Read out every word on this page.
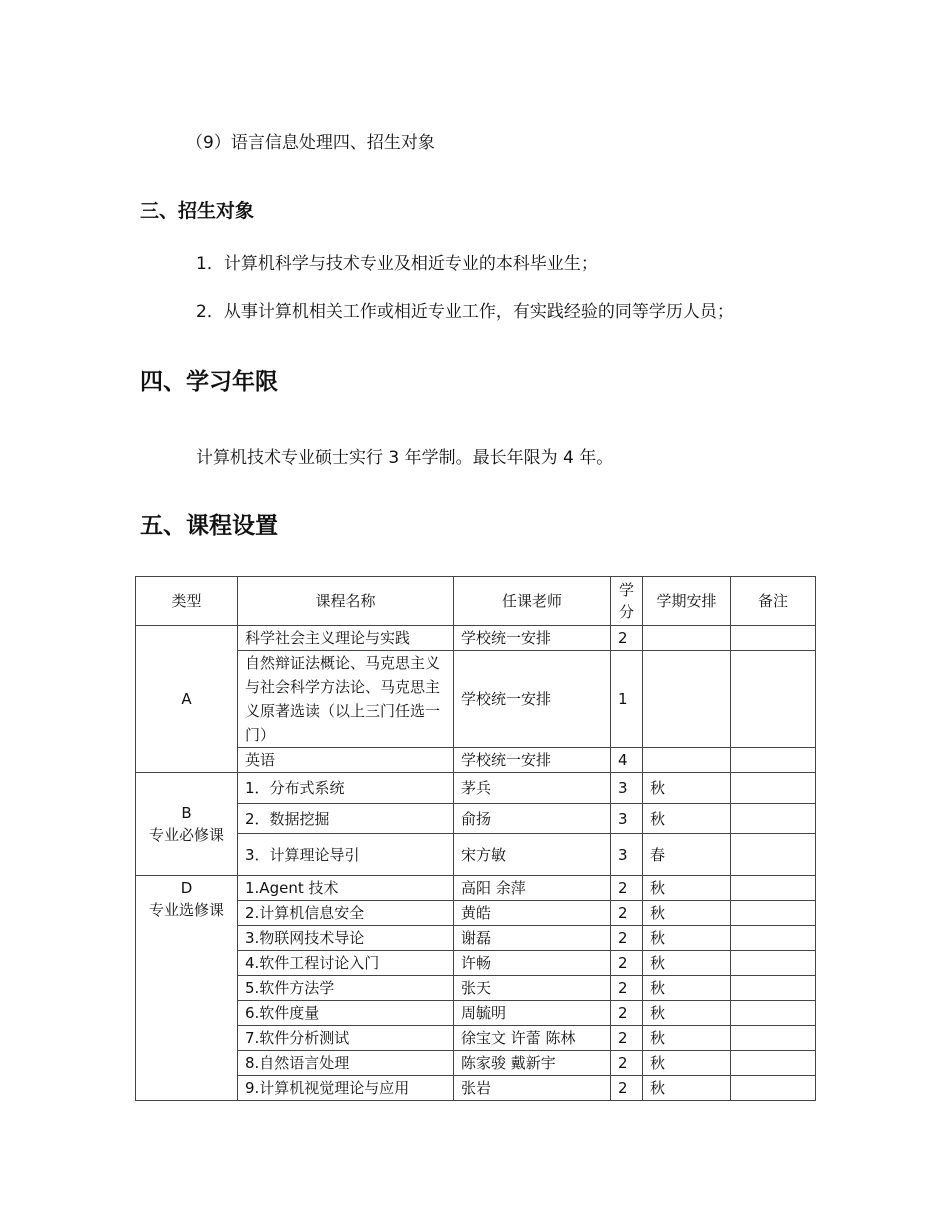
（9）语言信息处理四、招生对象
三、招生对象
1．计算机科学与技术专业及相近专业的本科毕业生；
2．从事计算机相关工作或相近专业工作，有实践经验的同等学历人员；
四、学习年限
计算机技术专业硕士实行 3 年学制。最长年限为 4 年。
五、课程设置
类型	课程名称	任课老师	学分	学期安排	备注
A	科学社会主义理论与实践	学校统一安排	2		
	自然辩证法概论、马克思主义与社会科学方法论、马克思主义原著选读（以上三门任选一门）	学校统一安排	1		
	英语	学校统一安排	4		

B
专业必修课	1．分布式系统	茅兵	3	秋	
	2．数据挖掘	俞扬	3	秋	
	3．计算理论导引	宋方敏	3	春	

D
专业选修课	1.Agent 技术	高阳 余萍	2	秋	
	2.计算机信息安全	黄皓	2	秋	
	3.物联网技术导论	谢磊	2	秋	
	4.软件工程讨论入门	许畅	2	秋	
	5.软件方法学	张天	2	秋	
	6.软件度量	周毓明	2	秋	
	7.软件分析测试	徐宝文 许蕾 陈林	2	秋	
	8.自然语言处理	陈家骏 戴新宇	2	秋	
	9.计算机视觉理论与应用	张岩	2	秋	
